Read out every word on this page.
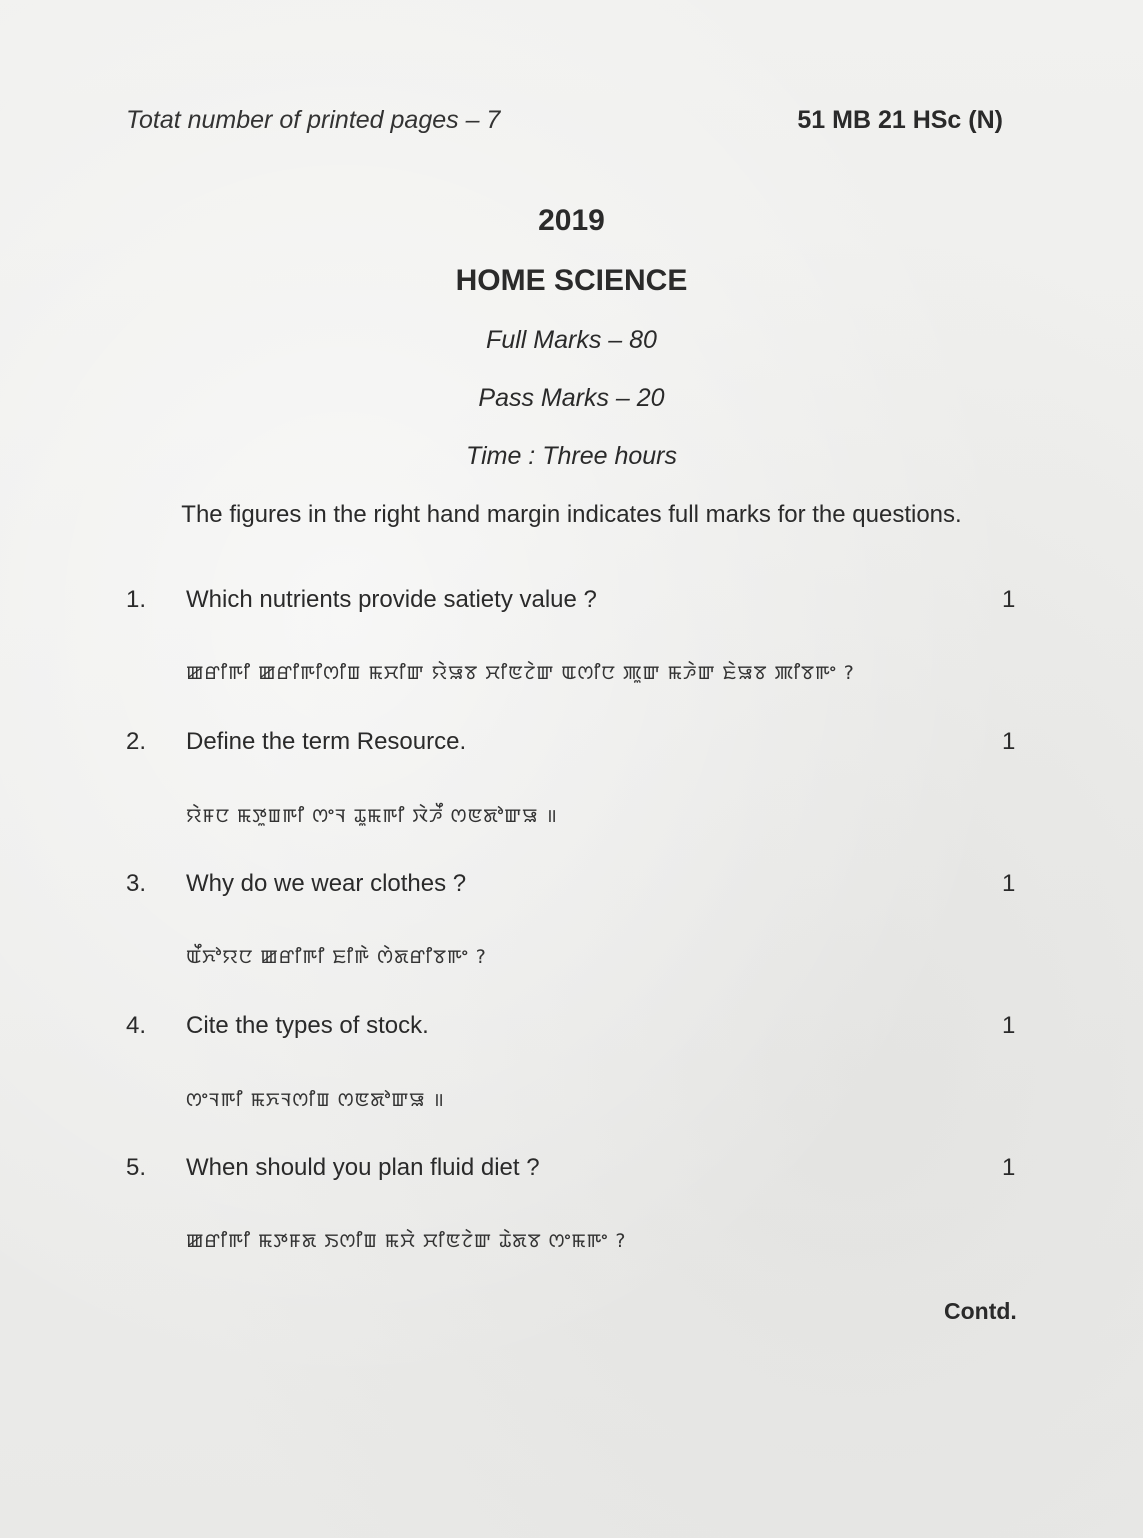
Totat number of printed pages – 7	51 MB 21 HSc (N)
2019
HOME SCIENCE
Full Marks – 80
Pass Marks – 20
Time : Three hours
The figures in the right hand margin indicates full marks for the questions.
1. Which nutrients provide satiety value ?	1
ꯀꯔꯤꯒꯤ ꯀꯔꯤꯒꯤꯁꯤꯡ ꯃꯆꯤꯛ ꯌꯥꯎꯕ ꯆꯤꯟꯖꯥꯛ ꯑꯁꯤꯅ ꯄꯨꯛ ꯃꯍꯥꯛ ꯐꯥꯎꯕ ꯄꯤꯕꯒꯦ ?
2. Define the term Resource.	1
ꯌꯥꯝꯅ ꯃꯇꯨꯡꯒꯤ ꯁꯦꯜ ꯊꯨꯃꯒꯤ ꯋꯥꯍꯩ ꯁꯟꯗꯣꯛꯎ ॥
3. Why do we wear clothes ?	1
ꯑꯩꯈꯣꯌꯅ ꯀꯔꯤꯒꯤ ꯐꯤꯒꯥ ꯁꯥꯗꯔꯤꯕꯒꯦ ?
4. Cite the types of stock.	1
ꯁꯦꯜꯒꯤ ꯃꯈꯜꯁꯤꯡ ꯁꯟꯗꯣꯛꯎ ॥
5. When should you plan fluid diet ?	1
ꯀꯔꯤꯒꯤ ꯃꯇꯝꯗ ꯏꯁꯤꯡ ꯃꯆꯥ ꯆꯤꯟꯖꯥꯛ ꯊꯥꯗꯕ ꯁꯦꯃꯒꯦ ?
Contd.
